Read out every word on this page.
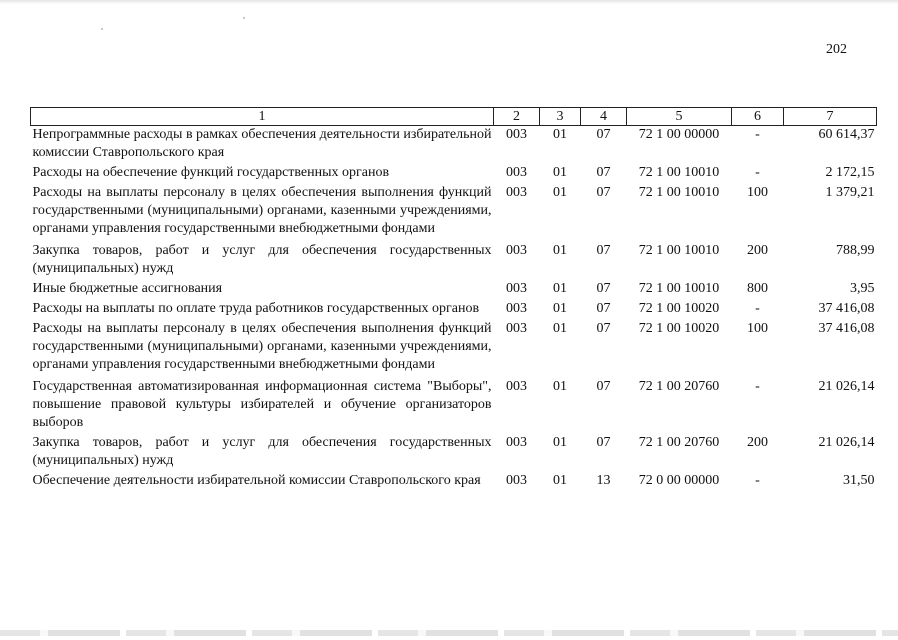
202
1	2	3	4	5	6	7
Непрограммные расходы в рамках обеспечения деятельности избирательной комиссии Ставропольского края	003	01	07	72 1 00 00000	-	60 614,37
Расходы на обеспечение функций государственных органов	003	01	07	72 1 00 10010	-	2 172,15
Расходы на выплаты персоналу в целях обеспечения выполнения функций государственными (муниципальными) органами, казенными учреждениями, органами управления государственными внебюджетными фондами	003	01	07	72 1 00 10010	100	1 379,21
Закупка товаров, работ и услуг для обеспечения государственных (муниципальных) нужд	003	01	07	72 1 00 10010	200	788,99
Иные бюджетные ассигнования	003	01	07	72 1 00 10010	800	3,95
Расходы на выплаты по оплате труда работников государственных органов	003	01	07	72 1 00 10020	-	37 416,08
Расходы на выплаты персоналу в целях обеспечения выполнения функций государственными (муниципальными) органами, казенными учреждениями, органами управления государственными внебюджетными фондами	003	01	07	72 1 00 10020	100	37 416,08
Государственная автоматизированная информационная система "Выборы", повышение правовой культуры избирателей и обучение организаторов выборов	003	01	07	72 1 00 20760	-	21 026,14
Закупка товаров, работ и услуг для обеспечения государственных (муниципальных) нужд	003	01	07	72 1 00 20760	200	21 026,14
Обеспечение деятельности избирательной комиссии Ставропольского края	003	01	13	72 0 00 00000	-	31,50
